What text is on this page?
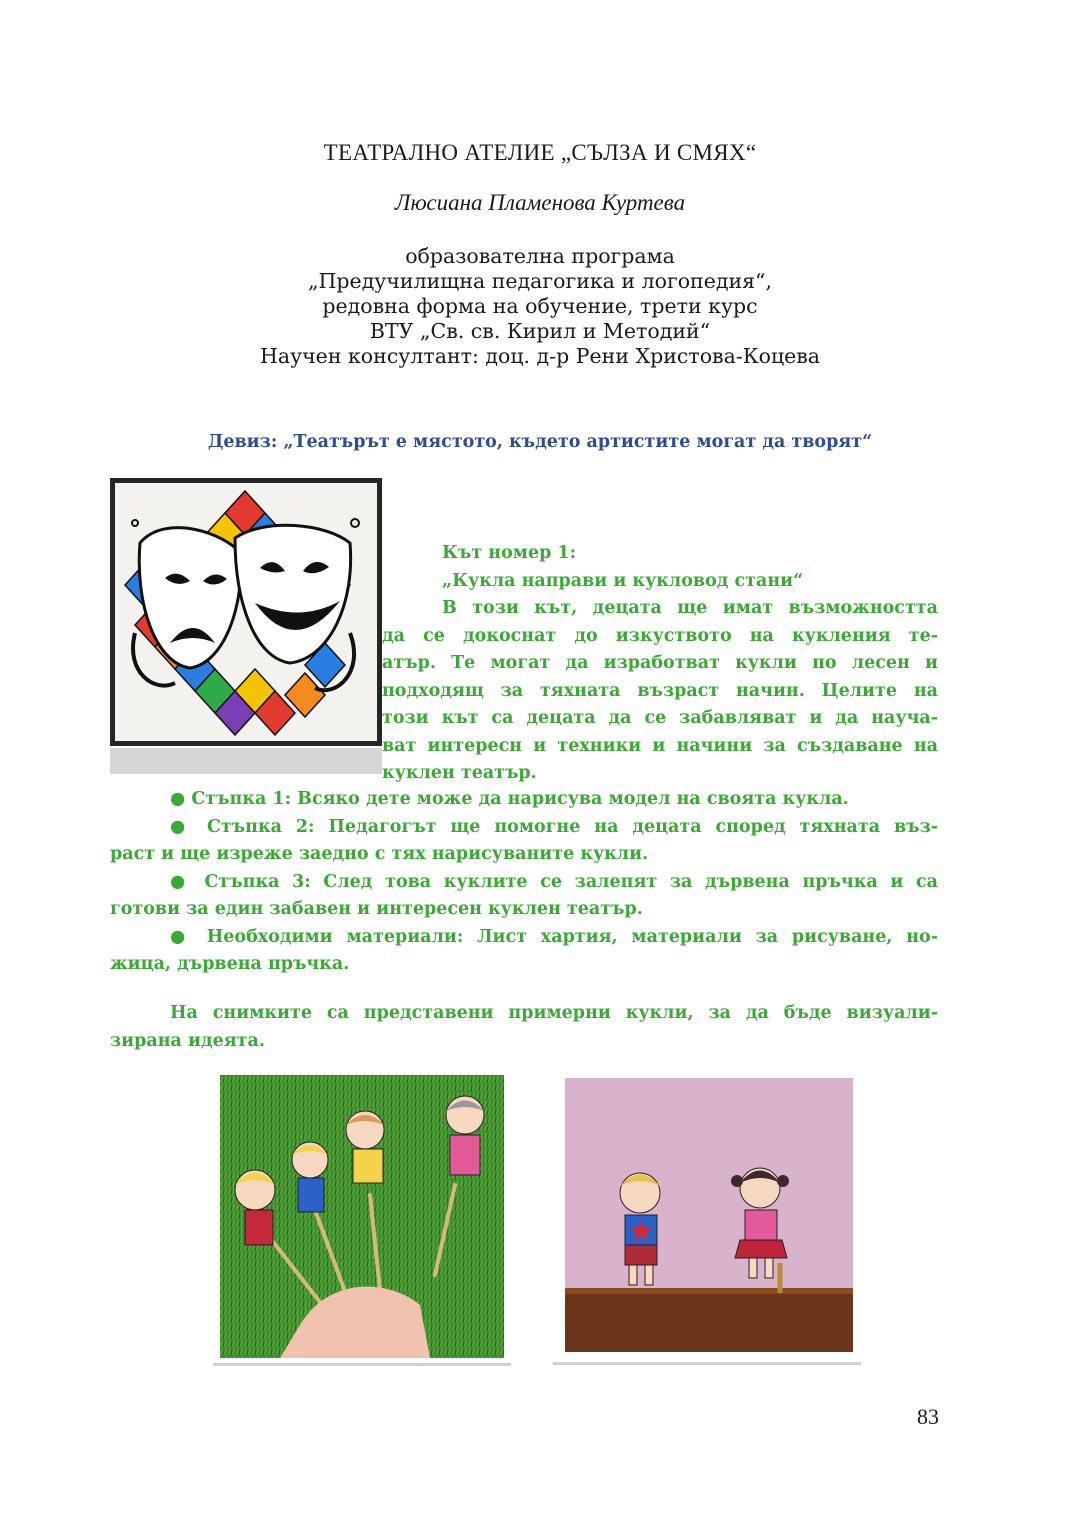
ТЕАТРАЛНО АТЕЛИЕ „СЪЛЗА И СМЯХ“
Люсиана Пламенова Куртева
образователна програма
„Предучилищна педагогика и логопедия“,
редовна форма на обучение, трети курс
ВТУ „Св. св. Кирил и Методий“
Научен консултант: доц. д-р Рени Христова-Коцева
Девиз: „Театърът е мястото, където артистите могат да творят“

Кът номер 1:

„Кукла направи и кукловод стани“

В този кът, децата ще имат възможността
да се докоснат до изкуството на кукления те-
атър. Те могат да изработват кукли по лесен и
подходящ за тяхната възраст начин. Целите на
този кът са децата да се забавляват и да науча-
ват интересн и техники и начини за създаване на
куклен театър.
● Стъпка 1: Всяко дете може да нарисува модел на своята кукла.
● Стъпка 2: Педагогът ще помогне на децата според тяхната въз-
раст и ще изреже заедно с тях нарисуваните кукли.
● Стъпка 3: След това куклите се залепят за дървена пръчка и са
готови за един забавен и интересен куклен театър.
● Необходими материали: Лист хартия, материали за рисуване, но-
жица, дървена пръчка.
На снимките са представени примерни кукли, за да бъде визуали-
зирана идеята.
83
